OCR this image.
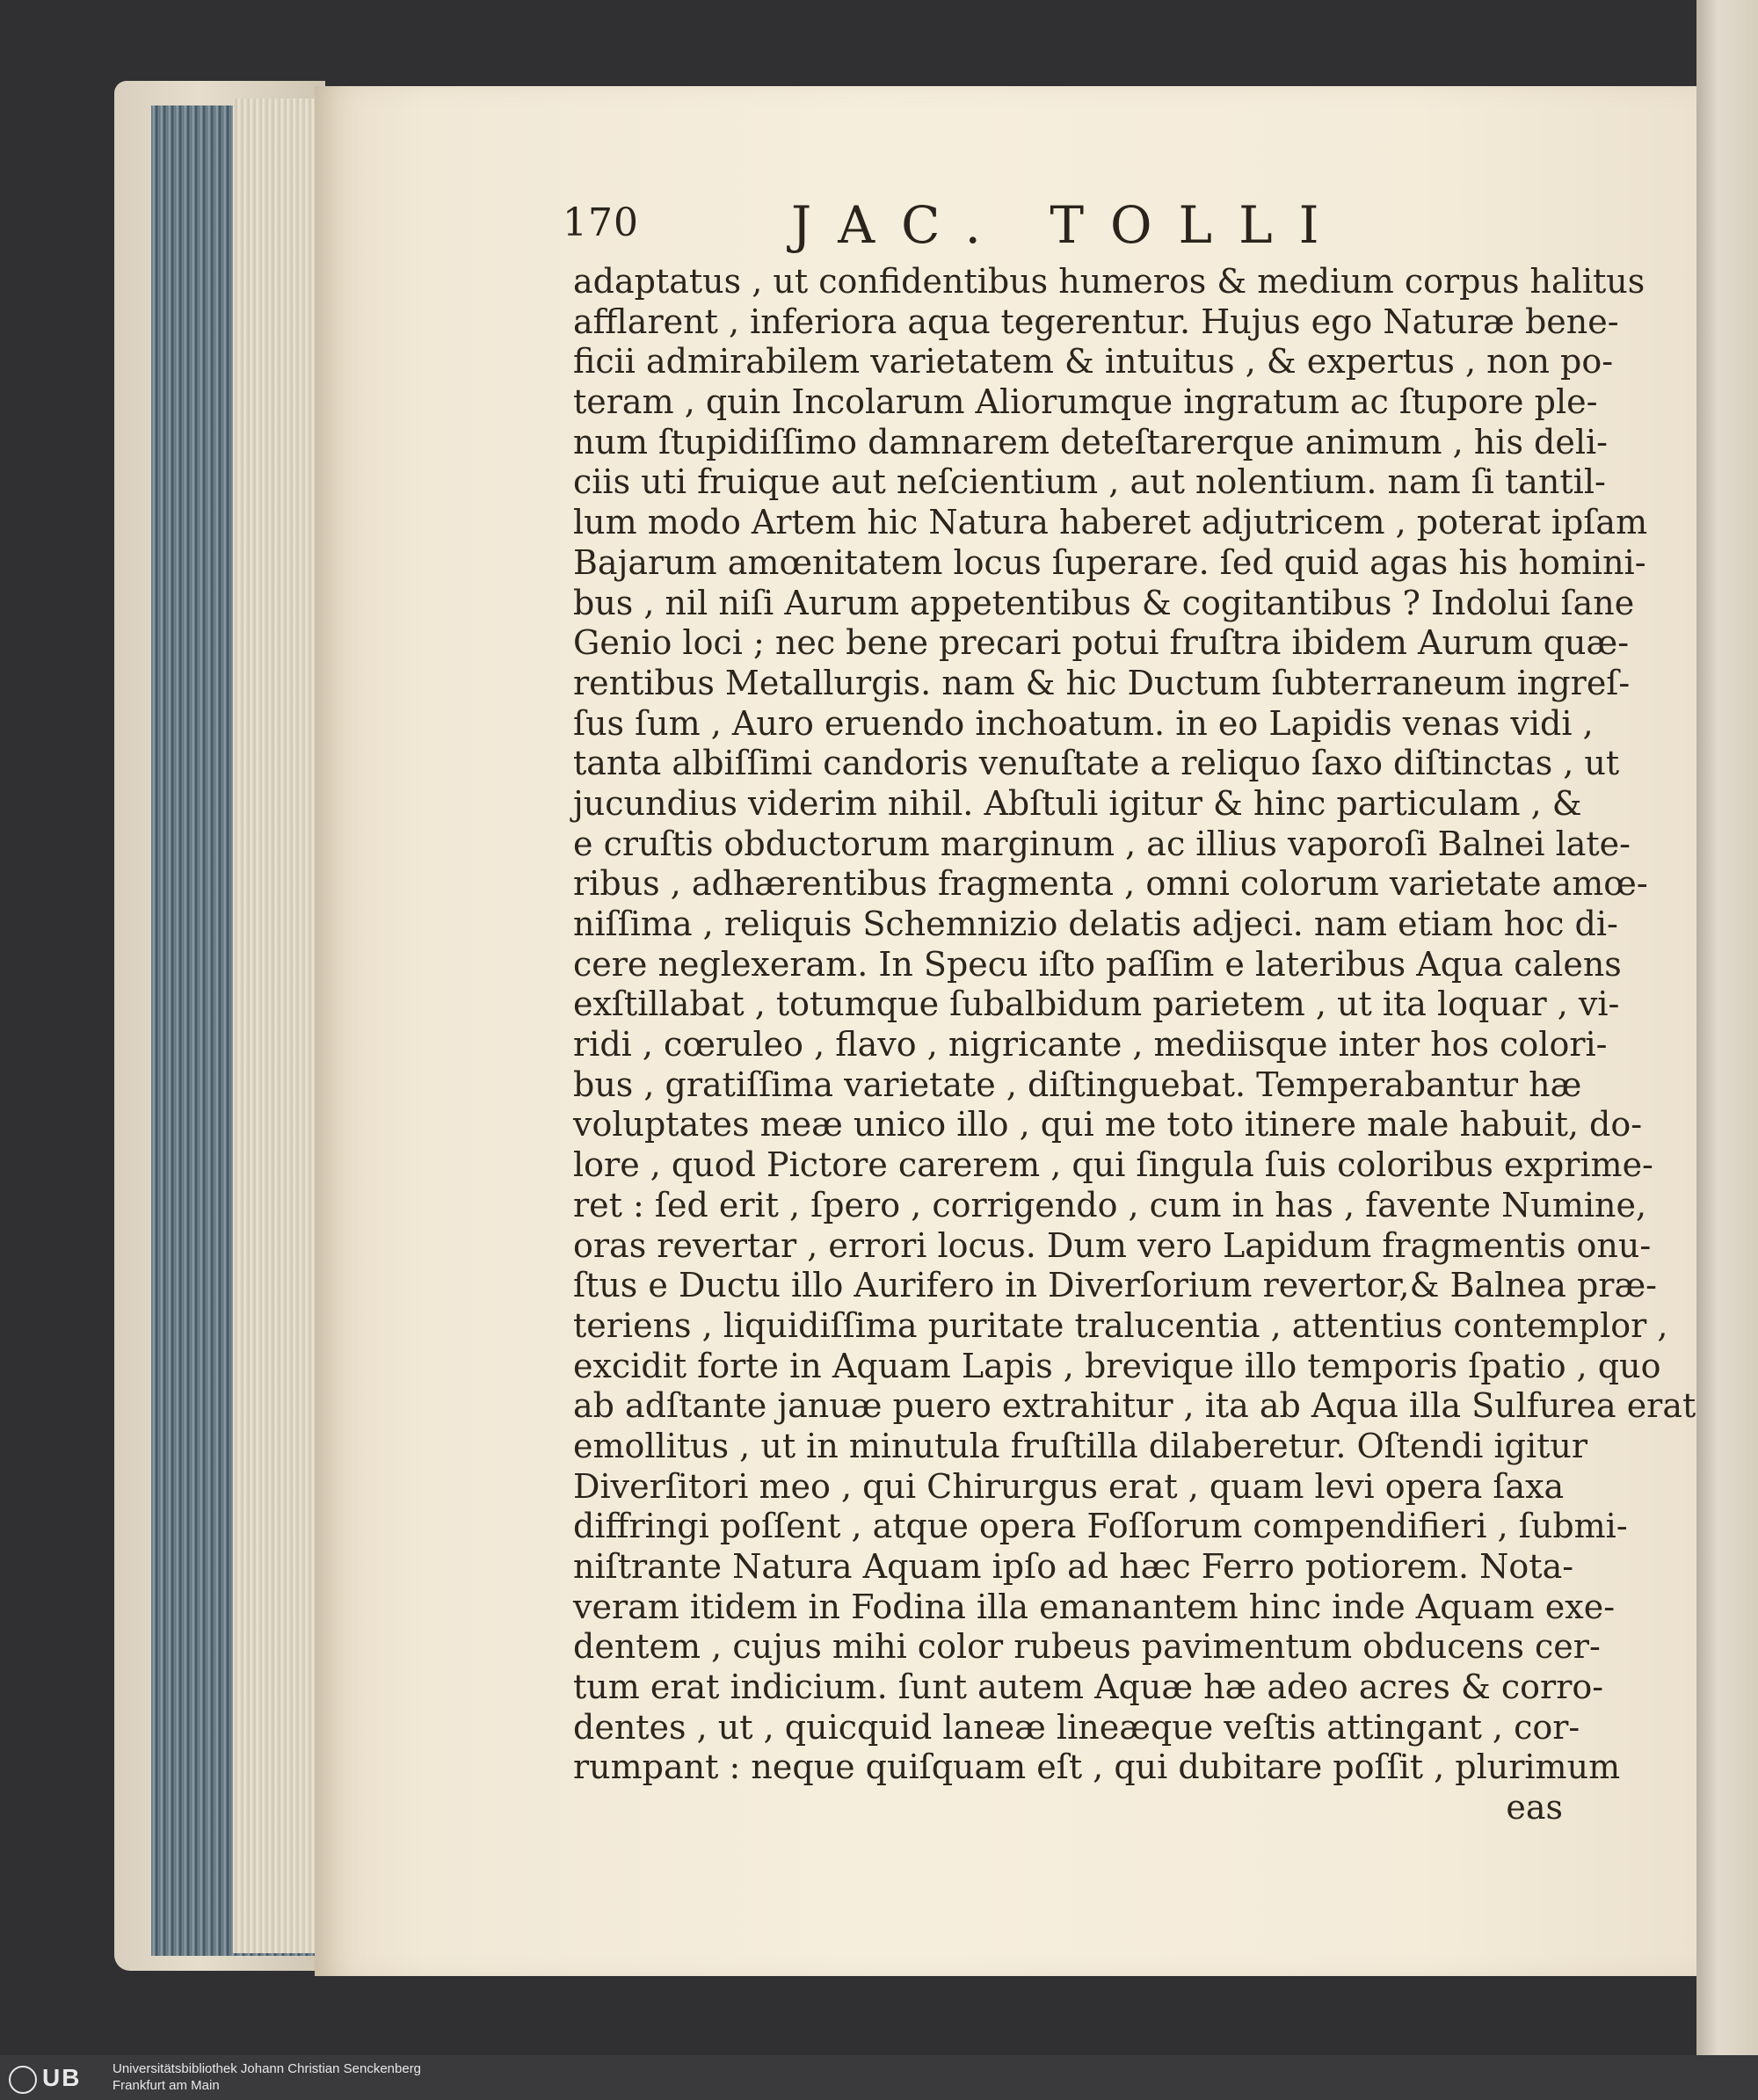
170	JAC. TOLLI
adaptatus , ut confidentibus humeros & medium corpus halitus
afflarent , inferiora aqua tegerentur. Hujus ego Naturæ bene-
ficii admirabilem varietatem & intuitus , & expertus , non po-
teram , quin Incolarum Aliorumque ingratum ac ſtupore ple-
num ſtupidiſſimo damnarem deteſtarerque animum , his deli-
ciis uti fruique aut neſcientium , aut nolentium. nam ſi tantil-
lum modo Artem hic Natura haberet adjutricem , poterat ipſam
Bajarum amœnitatem locus ſuperare. ſed quid agas his homini-
bus , nil niſi Aurum appetentibus & cogitantibus ? Indolui ſane
Genio loci ; nec bene precari potui fruſtra ibidem Aurum quæ-
rentibus Metallurgis. nam & hic Ductum ſubterraneum ingreſ-
ſus ſum , Auro eruendo inchoatum. in eo Lapidis venas vidi ,
tanta albiſſimi candoris venuſtate a reliquo ſaxo diſtinctas , ut
jucundius viderim nihil. Abſtuli igitur & hinc particulam , &
e cruſtis obductorum marginum , ac illius vaporoſi Balnei late-
ribus , adhærentibus fragmenta , omni colorum varietate amœ-
niſſima , reliquis Schemnizio delatis adjeci. nam etiam hoc di-
cere neglexeram. In Specu iſto paſſim e lateribus Aqua calens
exſtillabat , totumque ſubalbidum parietem , ut ita loquar , vi-
ridi , cœruleo , flavo , nigricante , mediisque inter hos colori-
bus , gratiſſima varietate , diſtinguebat. Temperabantur hæ
voluptates meæ unico illo , qui me toto itinere male habuit, do-
lore , quod Pictore carerem , qui ſingula ſuis coloribus exprime-
ret : ſed erit , ſpero , corrigendo , cum in has , favente Numine,
oras revertar , errori locus. Dum vero Lapidum fragmentis onu-
ſtus e Ductu illo Aurifero in Diverſorium revertor,& Balnea præ-
teriens , liquidiſſima puritate tralucentia , attentius contemplor ,
excidit forte in Aquam Lapis , brevique illo temporis ſpatio , quo
ab adſtante januæ puero extrahitur , ita ab Aqua illa Sulfurea erat
emollitus , ut in minutula fruſtilla dilaberetur. Oſtendi igitur
Diverſitori meo , qui Chirurgus erat , quam levi opera ſaxa
diffringi poſſent , atque opera Foſſorum compendifieri , ſubmi-
niſtrante Natura Aquam ipſo ad hæc Ferro potiorem. Nota-
veram itidem in Fodina illa emanantem hinc inde Aquam exe-
dentem , cujus mihi color rubeus pavimentum obducens cer-
tum erat indicium. ſunt autem Aquæ hæ adeo acres & corro-
dentes , ut , quicquid laneæ lineæque veſtis attingant , cor-
rumpant : neque quiſquam eſt , qui dubitare poſſit , plurimum
eas
UB	Universitätsbibliothek Johann Christian Senckenberg
Frankfurt am Main
